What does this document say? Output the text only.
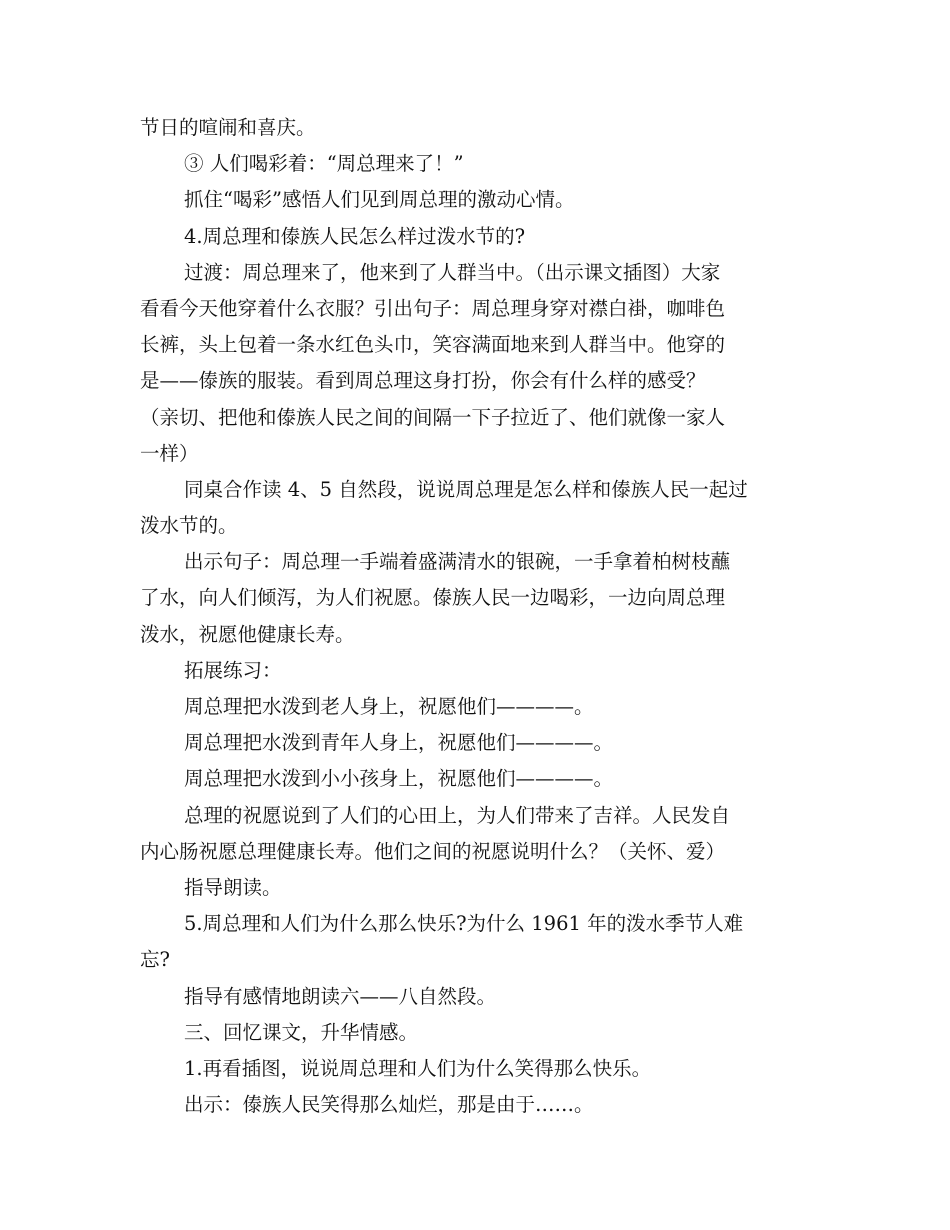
节日的喧闹和喜庆。
③ 人们喝彩着：“周总理来了！”
抓住“喝彩”感悟人们见到周总理的激动心情。
4.周总理和傣族人民怎么样过泼水节的?
过渡：周总理来了，他来到了人群当中。（出示课文插图）大家
看看今天他穿着什么衣服？引出句子：周总理身穿对襟白褂，咖啡色
长裤，头上包着一条水红色头巾，笑容满面地来到人群当中。他穿的
是——傣族的服装。看到周总理这身打扮，你会有什么样的感受？
（亲切、把他和傣族人民之间的间隔一下子拉近了、他们就像一家人
一样）
同桌合作读 4、5 自然段，说说周总理是怎么样和傣族人民一起过
泼水节的。
出示句子：周总理一手端着盛满清水的银碗，一手拿着柏树枝蘸
了水，向人们倾泻，为人们祝愿。傣族人民一边喝彩，一边向周总理
泼水，祝愿他健康长寿。
拓展练习：
周总理把水泼到老人身上，祝愿他们————。
周总理把水泼到青年人身上，祝愿他们————。
周总理把水泼到小小孩身上，祝愿他们————。
总理的祝愿说到了人们的心田上，为人们带来了吉祥。人民发自
内心肠祝愿总理健康长寿。他们之间的祝愿说明什么？（关怀、爱）
指导朗读。
5.周总理和人们为什么那么快乐?为什么 1961 年的泼水季节人难
忘?
指导有感情地朗读六——八自然段。
三、回忆课文，升华情感。
1.再看插图，说说周总理和人们为什么笑得那么快乐。
出示：傣族人民笑得那么灿烂，那是由于……。
